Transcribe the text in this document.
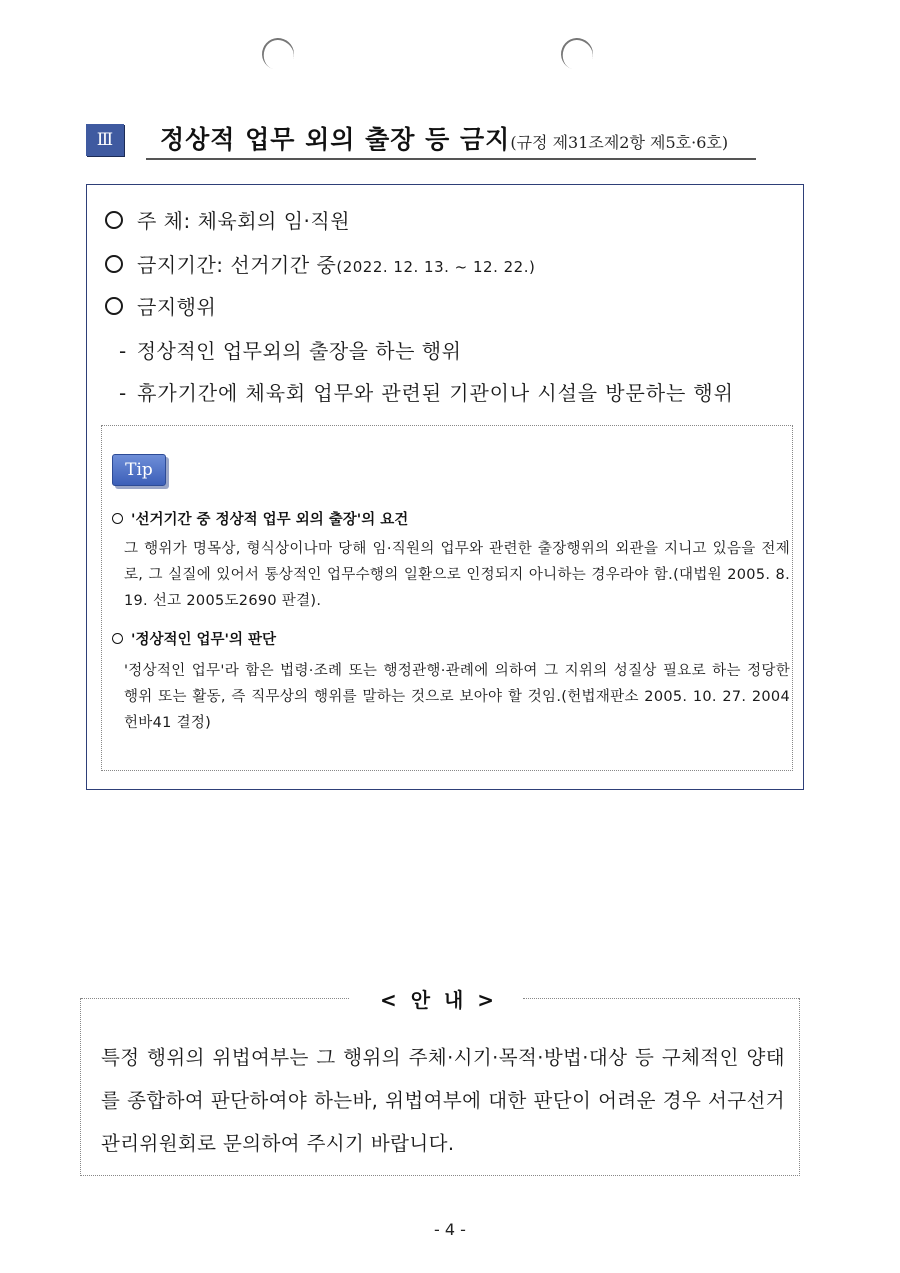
Ⅲ	정상적 업무 외의 출장 등 금지(규정 제31조제2항 제5호·6호)
주 체: 체육회의 임·직원
금지기간: 선거기간 중(2022. 12. 13. ~ 12. 22.)
금지행위
- 정상적인 업무외의 출장을 하는 행위
- 휴가기간에 체육회 업무와 관련된 기관이나 시설을 방문하는 행위
Tip
'선거기간 중 정상적 업무 외의 출장'의 요건
그 행위가 명목상, 형식상이나마 당해 임·직원의 업무와 관련한 출장행위의 외관을 지니고 있음을 전제로, 그 실질에 있어서 통상적인 업무수행의 일환으로 인정되지 아니하는 경우라야 함.(대법원 2005. 8. 19. 선고 2005도2690 판결).
'정상적인 업무'의 판단
'정상적인 업무'라 함은 법령·조례 또는 행정관행·관례에 의하여 그 지위의 성질상 필요로 하는 정당한 행위 또는 활동, 즉 직무상의 행위를 말하는 것으로 보아야 할 것임.(헌법재판소 2005. 10. 27. 2004헌바41 결정)
<  안  내  >
특정 행위의 위법여부는 그 행위의 주체·시기·목적·방법·대상 등 구체적인 양태를 종합하여 판단하여야 하는바, 위법여부에 대한 판단이 어려운 경우 서구선거관리위원회로 문의하여 주시기 바랍니다.
- 4 -
